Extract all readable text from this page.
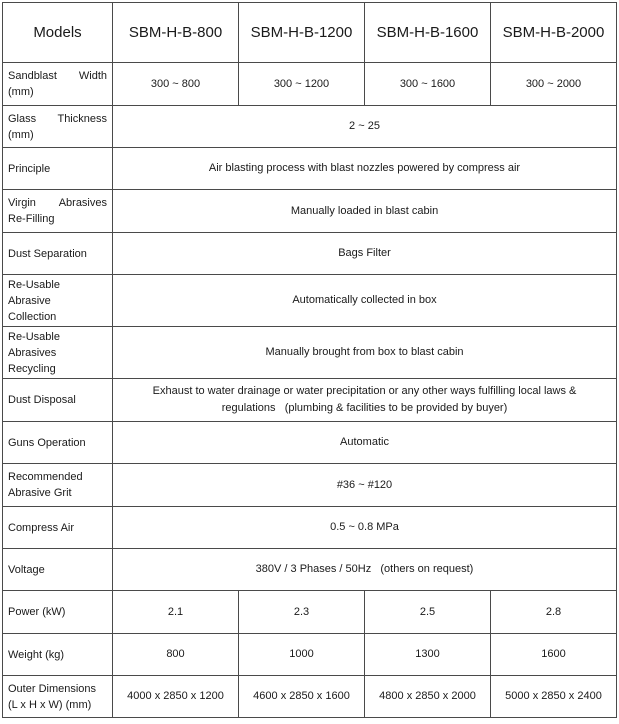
Models	SBM-H-B-800	SBM-H-B-1200	SBM-H-B-1600	SBM-H-B-2000

Sandblast Width
(mm)	300 ~ 800	300 ~ 1200	300 ~ 1600	300 ~ 2000

Glass Thickness
(mm)	2 ~ 25			
Principle	Air blasting process with blast nozzles powered by compress air			

Virgin Abrasives
Re-Filling	Manually loaded in blast cabin			
Dust Separation	Bags Filter			

Re-Usable
Abrasive
Collection	Automatically collected in box			

Re-Usable
Abrasives
Recycling	Manually brought from box to blast cabin			
Dust Disposal	Exhaust to water drainage or water precipitation or any other ways fulfilling local laws &
regulations   (plumbing & facilities to be provided by buyer)			

Guns Operation	Automatic			

Recommended
Abrasive Grit	#36 ~ #120			
Compress Air	0.5 ~ 0.8 MPa			
Voltage	380V / 3 Phases / 50Hz   (others on request)			
Power (kW)	2.1	2.3	2.5	2.8
Weight (kg)	800	1000	1300	1600

Outer Dimensions
(L x H x W) (mm)	4000 x 2850 x 1200	4600 x 2850 x 1600	4800 x 2850 x 2000	5000 x 2850 x 2400
